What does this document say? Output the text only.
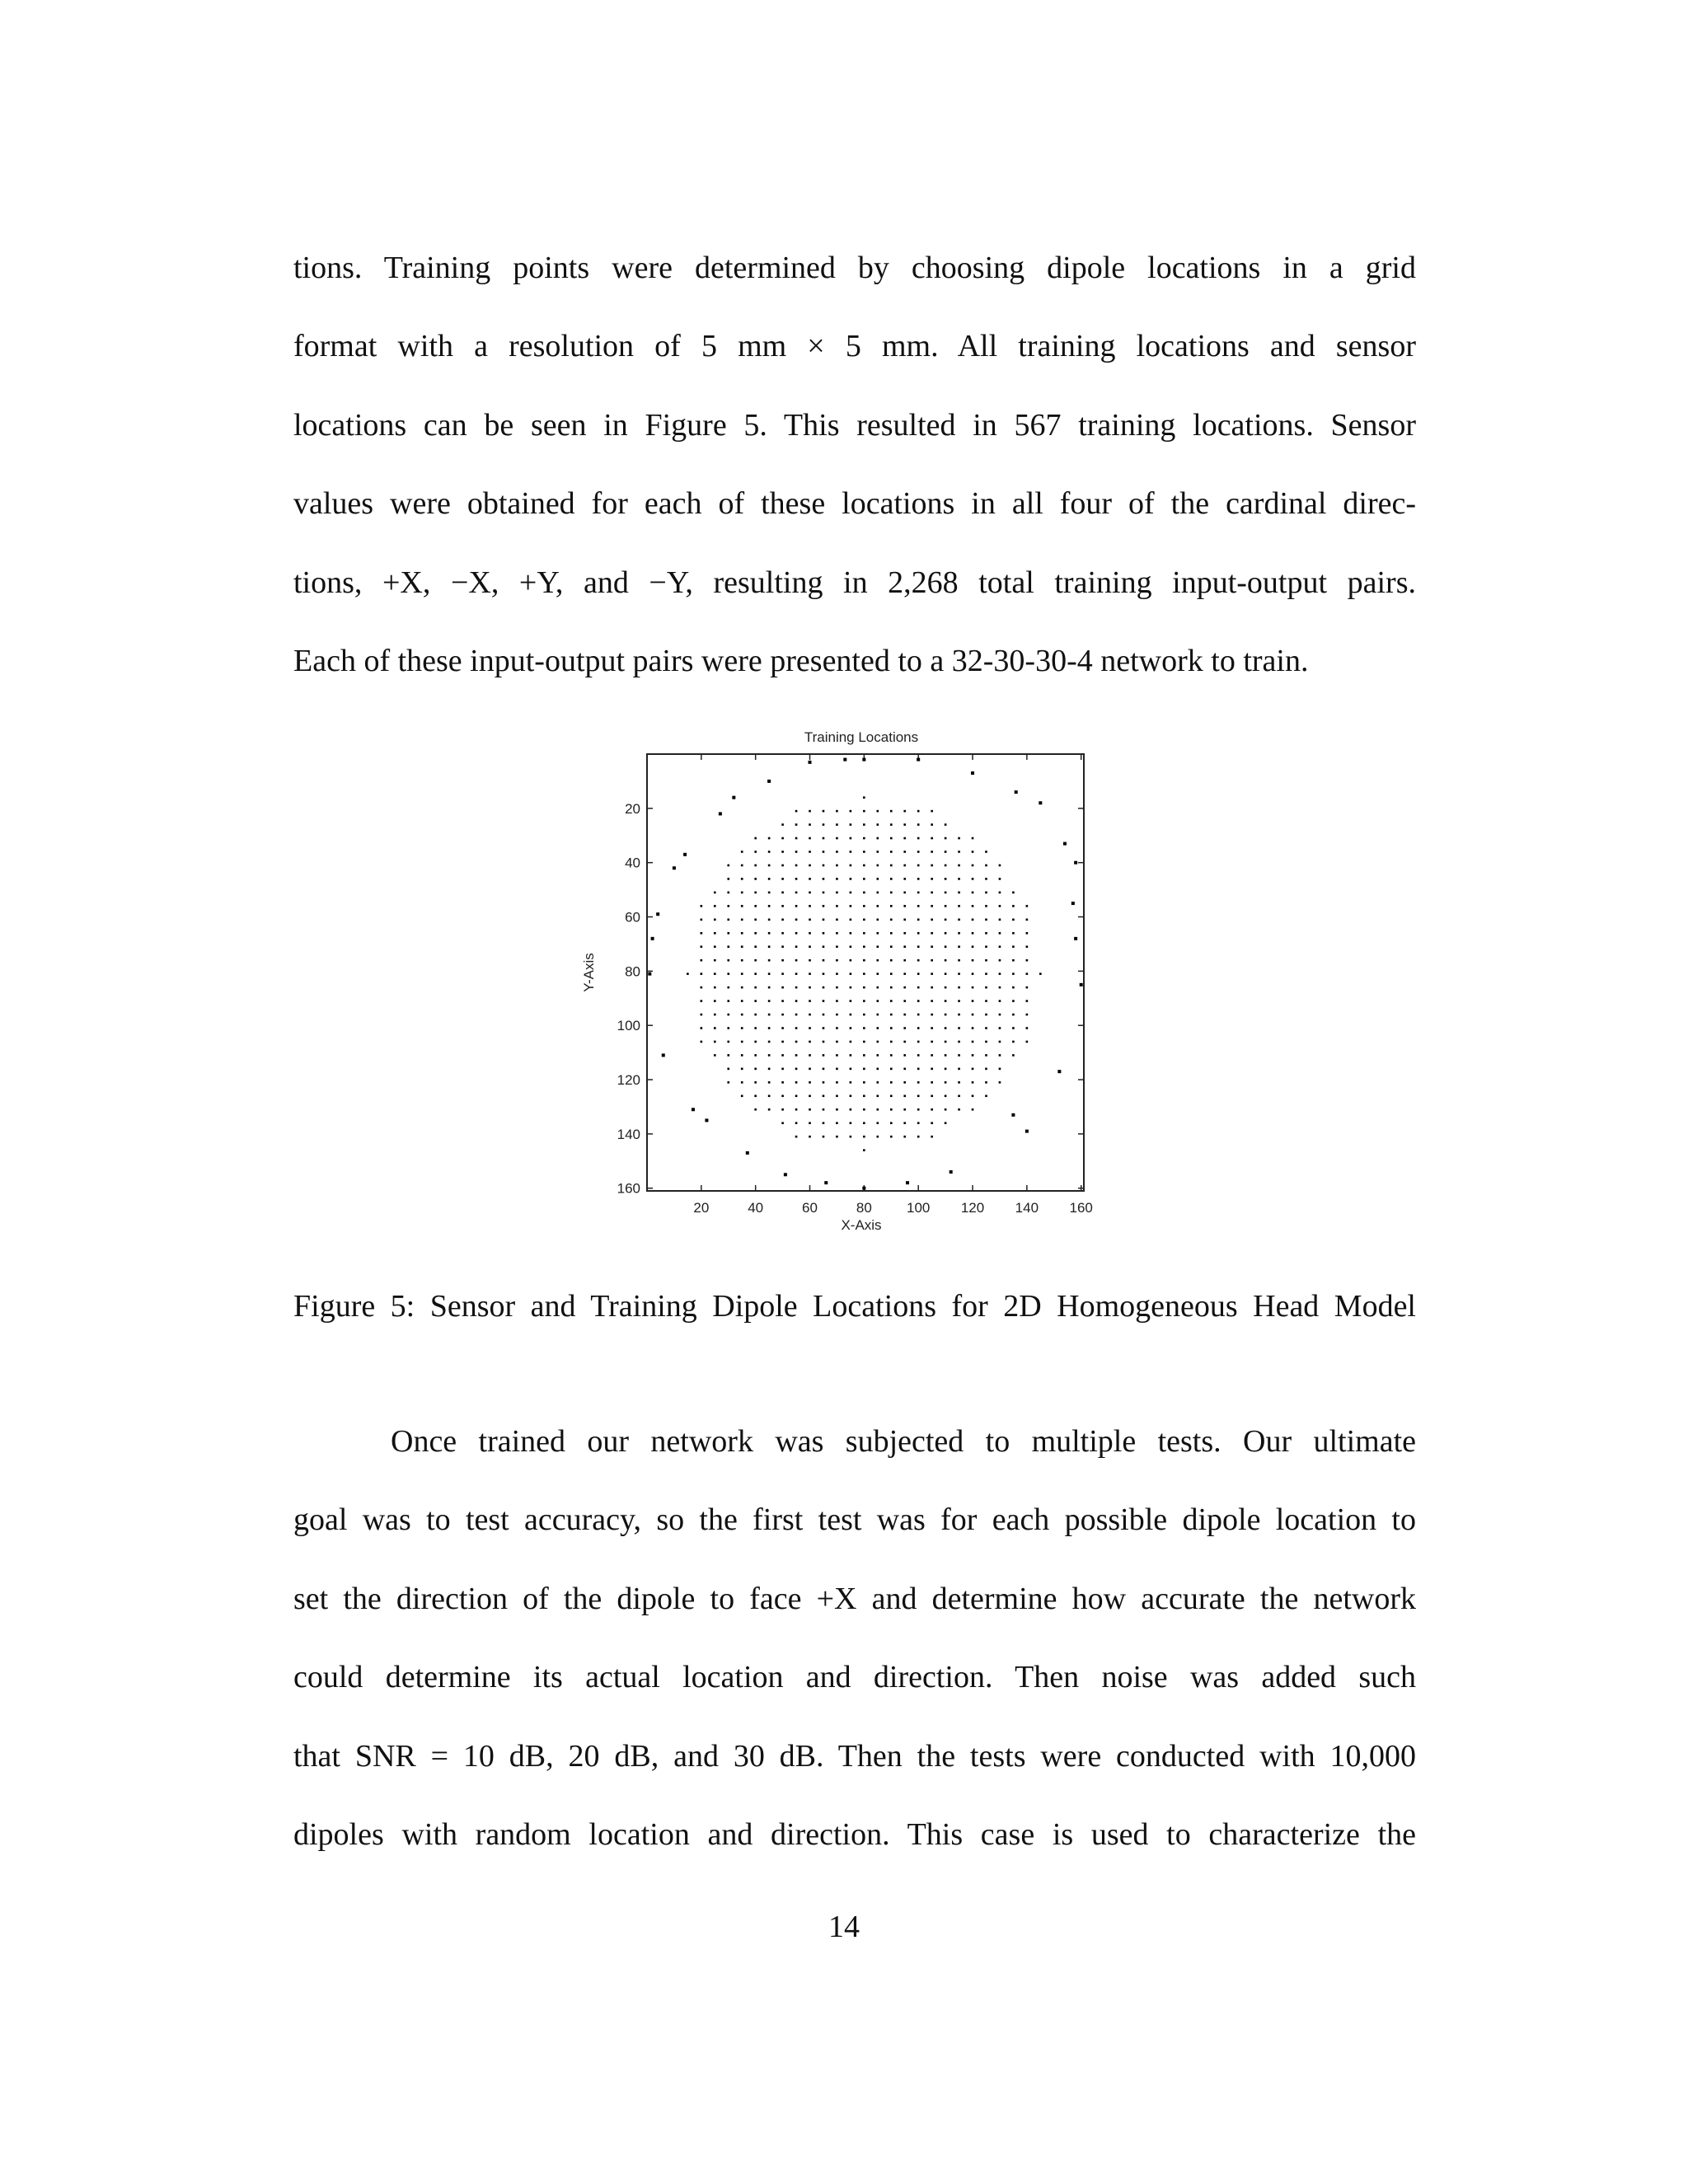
tions. Training points were determined by choosing dipole locations in a grid
format with a resolution of 5 mm × 5 mm. All training locations and sensor
locations can be seen in Figure 5. This resulted in 567 training locations. Sensor
values were obtained for each of these locations in all four of the cardinal direc-
tions, +X, −X, +Y, and −Y, resulting in 2,268 total training input-output pairs.
Each of these input-output pairs were presented to a 32-30-30-4 network to train.
Training Locations
20	40	60	80 100 120 140 160
20
40
60
80
100
120
140
160
X-Axis
Y-Axis
Figure 5: Sensor and Training Dipole Locations for 2D Homogeneous Head Model
Once trained our network was subjected to multiple tests. Our ultimate
goal was to test accuracy, so the first test was for each possible dipole location to
set the direction of the dipole to face +X and determine how accurate the network
could determine its actual location and direction. Then noise was added such
that SNR = 10 dB, 20 dB, and 30 dB. Then the tests were conducted with 10,000
dipoles with random location and direction. This case is used to characterize the
14
